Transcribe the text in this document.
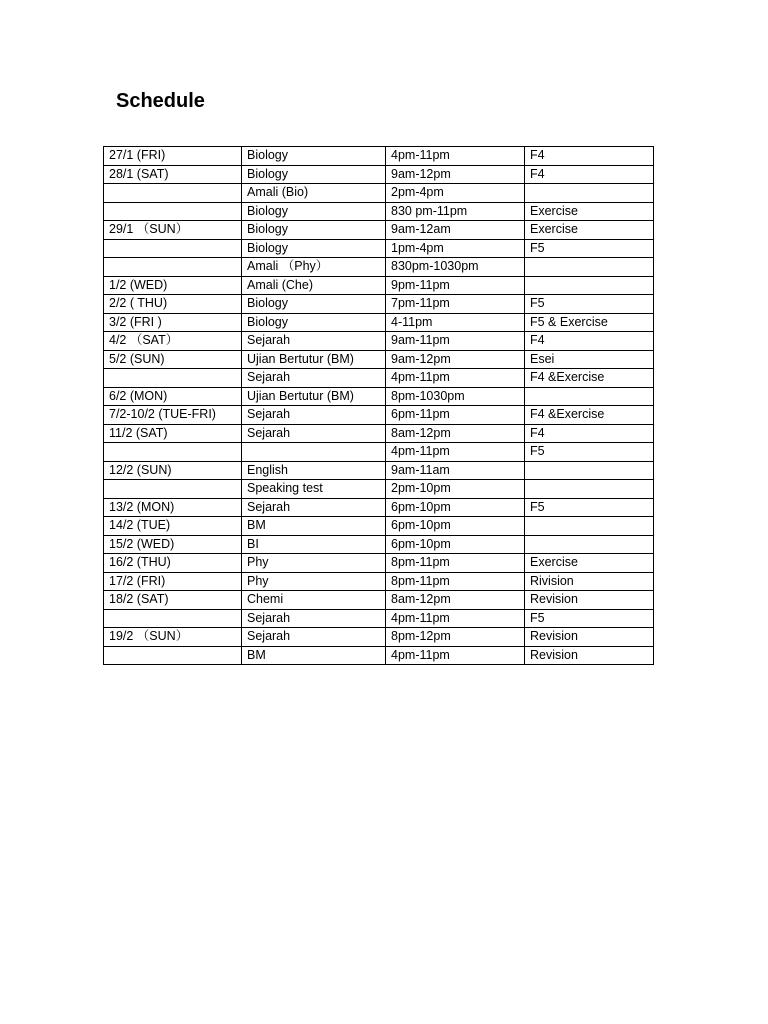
Schedule
27/1 (FRI)	Biology	4pm-11pm	F4
28/1 (SAT)	Biology	9am-12pm	F4
	Amali (Bio)	2pm-4pm	
	Biology	830 pm-11pm	Exercise
29/1 （SUN）	Biology	9am-12am	Exercise
	Biology	1pm-4pm	F5
	Amali （Phy）	830pm-1030pm	
1/2 (WED)	Amali (Che)	9pm-11pm	
2/2 ( THU)	Biology	7pm-11pm	F5
3/2 (FRI )	Biology	4-11pm	F5 & Exercise
4/2 （SAT）	Sejarah	9am-11pm	F4
5/2 (SUN)	Ujian Bertutur (BM)	9am-12pm	Esei
	Sejarah	4pm-11pm	F4 &Exercise
6/2 (MON)	Ujian Bertutur (BM)	8pm-1030pm	
7/2-10/2 (TUE-FRI)	Sejarah	6pm-11pm	F4 &Exercise
11/2 (SAT)	Sejarah	8am-12pm	F4
		4pm-11pm	F5
12/2 (SUN)	English	9am-11am	
	Speaking test	2pm-10pm	
13/2 (MON)	Sejarah	6pm-10pm	F5
14/2 (TUE)	BM	6pm-10pm	
15/2 (WED)	BI	6pm-10pm	
16/2 (THU)	Phy	8pm-11pm	Exercise
17/2 (FRI)	Phy	8pm-11pm	Rivision
18/2 (SAT)	Chemi	8am-12pm	Revision
	Sejarah	4pm-11pm	F5
19/2 （SUN）	Sejarah	8pm-12pm	Revision
	BM	4pm-11pm	Revision
